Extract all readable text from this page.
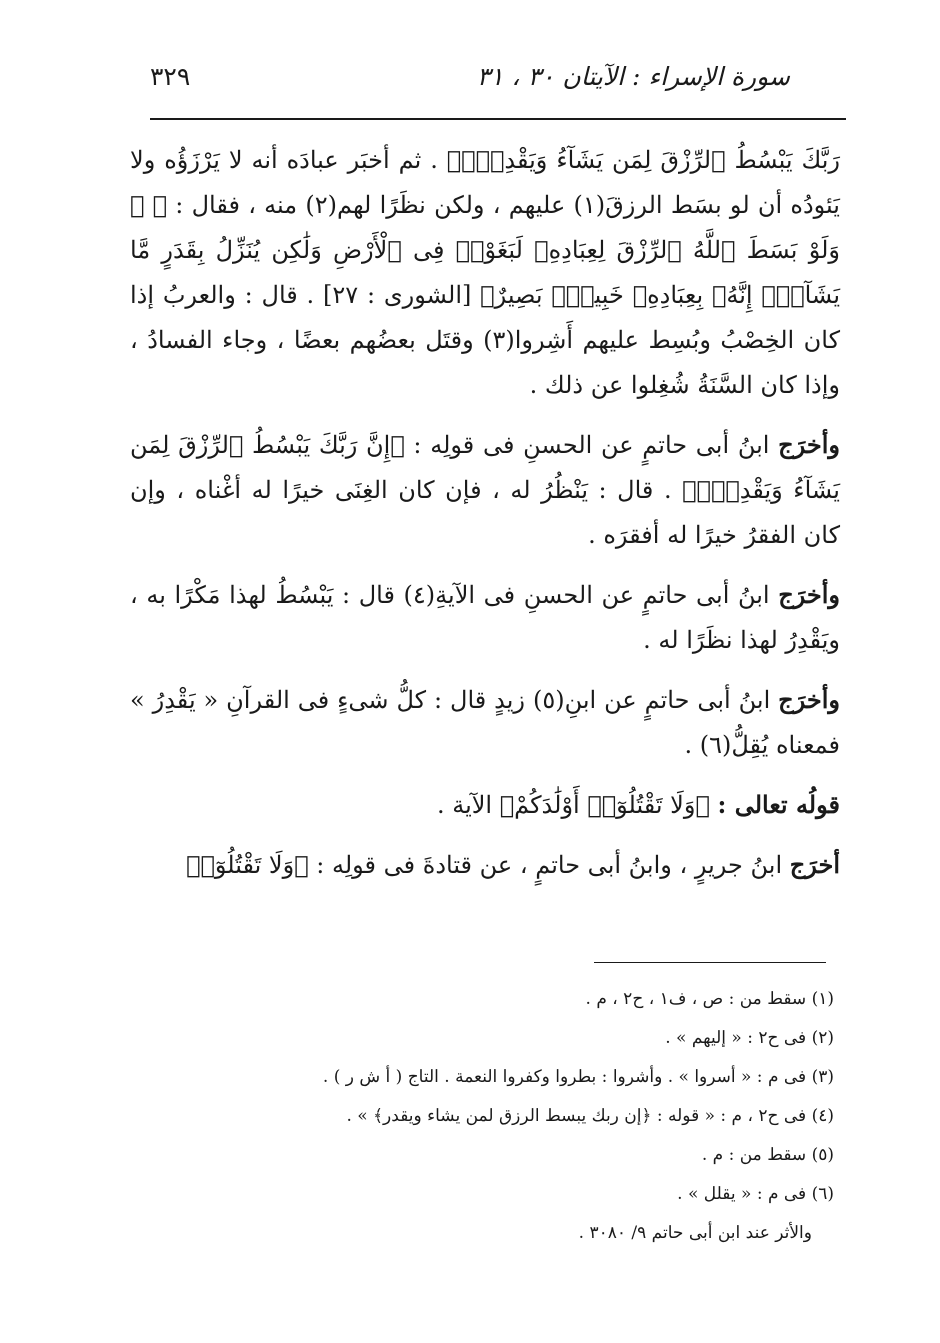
سورة الإسراء : الآيتان ٣٠ ، ٣١
٣٢٩

رَبَّكَ يَبْسُطُ ٱلرِّزْقَ لِمَن يَشَآءُ وَيَقْدِرُۚ﴾ . ثم أخبَر عبادَه أنه لا يَرْزَؤُه ولا يَئودُه أن لو بسَط الرزقَ(١) عليهم ، ولكن نظَرًا لهم(٢) منه ، فقال : ﴿ ۞ وَلَوْ بَسَطَ ٱللَّهُ ٱلرِّزْقَ لِعِبَادِهِۦ لَبَغَوْا۟ فِى ٱلْأَرْضِ وَلَٰكِن يُنَزِّلُ بِقَدَرٍ مَّا يَشَآءُۚ إِنَّهُۥ بِعِبَادِهِۦ خَبِيرٌۢ بَصِيرٌ﴾ [الشورى : ٢٧] . قال : والعربُ إذا كان الخِصْبُ وبُسِط عليهم أَشِروا(٣) وقتَل بعضُهم بعضًا ، وجاء الفسادُ ، وإذا كان السَّنَةُ شُغِلوا عن ذلك .

وأخرَج ابنُ أبى حاتمٍ عن الحسنِ فى قولِه : ﴿إِنَّ رَبَّكَ يَبْسُطُ ٱلرِّزْقَ لِمَن يَشَآءُ وَيَقْدِرُۚ﴾ . قال : يَنْظُرُ له ، فإن كان الغِنَى خيرًا له أغْناه ، وإن كان الفقرُ خيرًا له أفقرَه .

وأخرَج ابنُ أبى حاتمٍ عن الحسنِ فى الآيةِ(٤) قال : يَبْسُطُ لهذا مَكْرًا به ، ويَقْدِرُ لهذا نظَرًا له .

وأخرَج ابنُ أبى حاتمٍ عن ابنِ(٥) زيدٍ قال : كلُّ شىءٍ فى القرآنِ « يَقْدِرُ » فمعناه يُقِلُّ(٦) .

قولُه تعالى : ﴿وَلَا تَقْتُلُوٓا۟ أَوْلَٰدَكُمْ﴾ الآية .

أخرَج ابنُ جريرٍ ، وابنُ أبى حاتمٍ ، عن قتادةَ فى قولِه : ﴿وَلَا تَقْتُلُوٓا۟

(١) سقط من : ص ، ف١ ، ح٢ ، م .
(٢) فى ح٢ : « إليهم » .
(٣) فى م : « أسروا » . وأشروا : بطروا وكفروا النعمة . التاج ( أ ش ر ) .
(٤) فى ح٢ ، م : « قوله : ﴿إن ربك يبسط الرزق لمن يشاء ويقدر﴾ » .
(٥) سقط من : م .
(٦) فى م : « يقلل » .
والأثر عند ابن أبى حاتم ٩/ ٣٠٨٠ .
